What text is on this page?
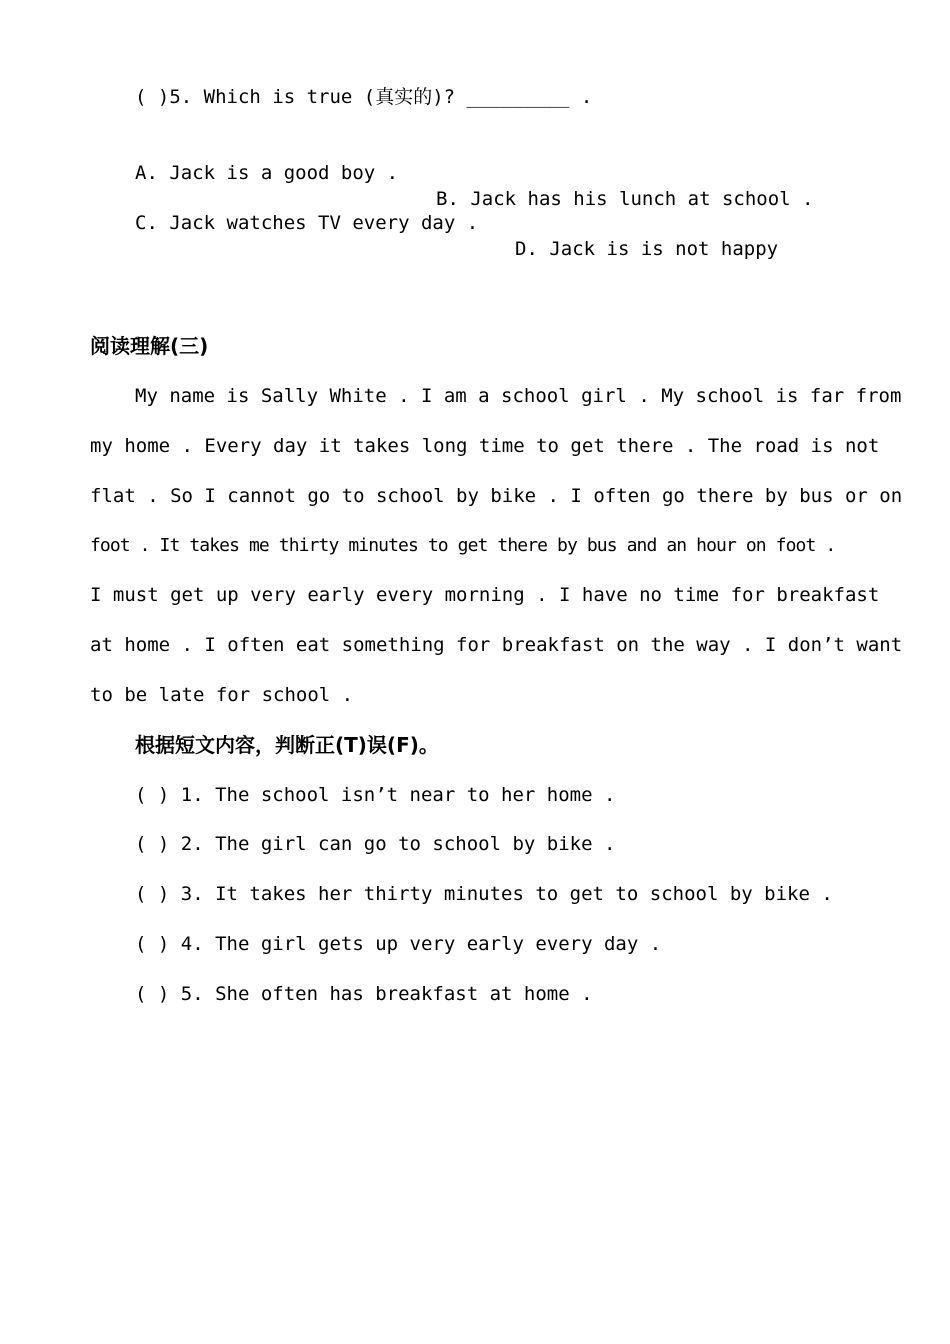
( )5. Which is true (真实的)? _________ .

A. Jack is a good boy .

B. Jack has his lunch at school .

C. Jack watches TV every day .

D. Jack is is not happy

阅读理解(三)
My name is Sally White . I am a school girl . My school is far from
my home . Every day it takes long time to get there . The road is not
flat . So I cannot go to school by bike . I often go there by bus or on
foot . It takes me thirty minutes to get there by bus and an hour on foot .
I must get up very early every morning . I have no time for breakfast
at home . I often eat something for breakfast on the way . I don’t want
to be late for school .
根据短文内容，判断正(T)误(F)。
( ) 1. The school isn’t near to her home .
( ) 2. The girl can go to school by bike .
( ) 3. It takes her thirty minutes to get to school by bike .
( ) 4. The girl gets up very early every day .
( ) 5. She often has breakfast at home .
